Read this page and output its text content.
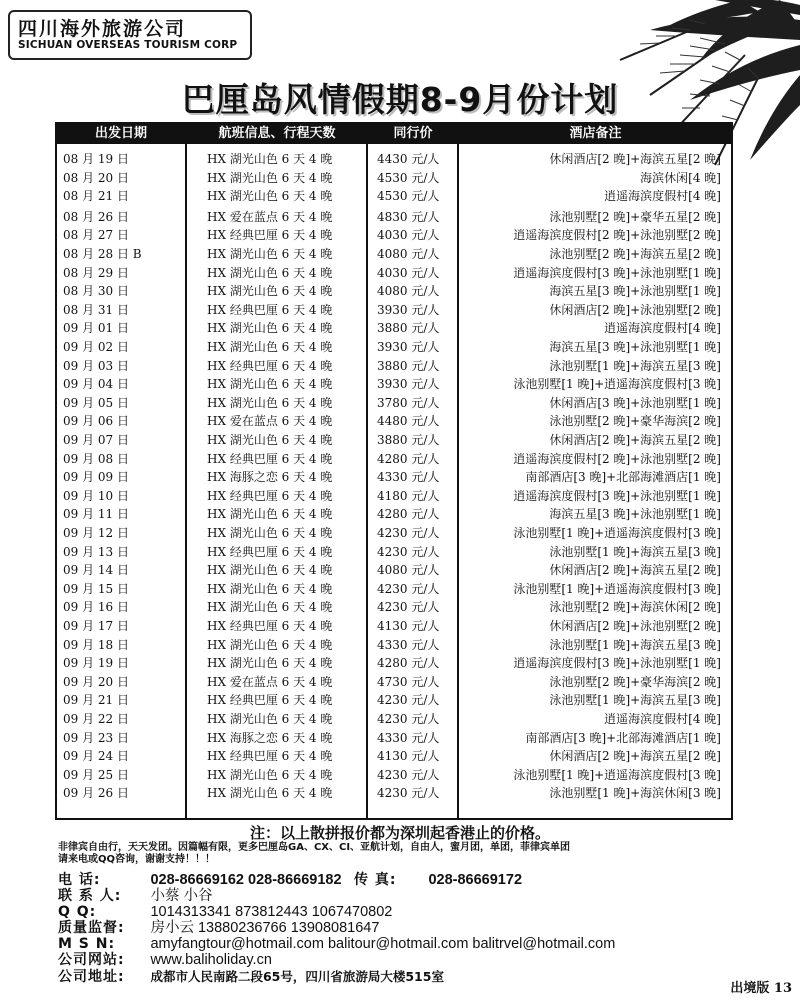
四川海外旅游公司
SICHUAN OVERSEAS TOURISM CORP
巴厘岛风情假期8-9月份计划
出发日期	航班信息、行程天数	同行价	酒店备注
08 月 19 日	HX 湖光山色 6 天 4 晚	4430 元/人	休闲酒店[2 晚]+海滨五星[2 晚]
08 月 20 日	HX 湖光山色 6 天 4 晚	4530 元/人	海滨休闲[4 晚]
08 月 21 日	HX 湖光山色 6 天 4 晚	4530 元/人	逍遥海滨度假村[4 晚]
08 月 26 日	HX 爱在蓝点 6 天 4 晚	4830 元/人	泳池别墅[2 晚]+豪华五星[2 晚]
08 月 27 日	HX 经典巴厘 6 天 4 晚	4030 元/人	逍遥海滨度假村[2 晚]+泳池别墅[2 晚]
08 月 28 日 B	HX 湖光山色 6 天 4 晚	4080 元/人	泳池别墅[2 晚]+海滨五星[2 晚]
08 月 29 日	HX 湖光山色 6 天 4 晚	4030 元/人	逍遥海滨度假村[3 晚]+泳池别墅[1 晚]
08 月 30 日	HX 湖光山色 6 天 4 晚	4080 元/人	海滨五星[3 晚]+泳池别墅[1 晚]
08 月 31 日	HX 经典巴厘 6 天 4 晚	3930 元/人	休闲酒店[2 晚]+泳池别墅[2 晚]
09 月 01 日	HX 湖光山色 6 天 4 晚	3880 元/人	逍遥海滨度假村[4 晚]
09 月 02 日	HX 湖光山色 6 天 4 晚	3930 元/人	海滨五星[3 晚]+泳池别墅[1 晚]
09 月 03 日	HX 经典巴厘 6 天 4 晚	3880 元/人	泳池别墅[1 晚]+海滨五星[3 晚]
09 月 04 日	HX 湖光山色 6 天 4 晚	3930 元/人	泳池别墅[1 晚]+逍遥海滨度假村[3 晚]
09 月 05 日	HX 湖光山色 6 天 4 晚	3780 元/人	休闲酒店[3 晚]+泳池别墅[1 晚]
09 月 06 日	HX 爱在蓝点 6 天 4 晚	4480 元/人	泳池别墅[2 晚]+豪华海滨[2 晚]
09 月 07 日	HX 湖光山色 6 天 4 晚	3880 元/人	休闲酒店[2 晚]+海滨五星[2 晚]
09 月 08 日	HX 经典巴厘 6 天 4 晚	4280 元/人	逍遥海滨度假村[2 晚]+泳池别墅[2 晚]
09 月 09 日	HX 海豚之恋 6 天 4 晚	4330 元/人	南部酒店[3 晚]+北部海滩酒店[1 晚]
09 月 10 日	HX 经典巴厘 6 天 4 晚	4180 元/人	逍遥海滨度假村[3 晚]+泳池别墅[1 晚]
09 月 11 日	HX 湖光山色 6 天 4 晚	4280 元/人	海滨五星[3 晚]+泳池别墅[1 晚]
09 月 12 日	HX 湖光山色 6 天 4 晚	4230 元/人	泳池别墅[1 晚]+逍遥海滨度假村[3 晚]
09 月 13 日	HX 经典巴厘 6 天 4 晚	4230 元/人	泳池别墅[1 晚]+海滨五星[3 晚]
09 月 14 日	HX 湖光山色 6 天 4 晚	4080 元/人	休闲酒店[2 晚]+海滨五星[2 晚]
09 月 15 日	HX 湖光山色 6 天 4 晚	4230 元/人	泳池别墅[1 晚]+逍遥海滨度假村[3 晚]
09 月 16 日	HX 湖光山色 6 天 4 晚	4230 元/人	泳池别墅[2 晚]+海滨休闲[2 晚]
09 月 17 日	HX 经典巴厘 6 天 4 晚	4130 元/人	休闲酒店[2 晚]+泳池别墅[2 晚]
09 月 18 日	HX 湖光山色 6 天 4 晚	4330 元/人	泳池别墅[1 晚]+海滨五星[3 晚]
09 月 19 日	HX 湖光山色 6 天 4 晚	4280 元/人	逍遥海滨度假村[3 晚]+泳池别墅[1 晚]
09 月 20 日	HX 爱在蓝点 6 天 4 晚	4730 元/人	泳池别墅[2 晚]+豪华海滨[2 晚]
09 月 21 日	HX 经典巴厘 6 天 4 晚	4230 元/人	泳池别墅[1 晚]+海滨五星[3 晚]
09 月 22 日	HX 湖光山色 6 天 4 晚	4230 元/人	逍遥海滨度假村[4 晚]
09 月 23 日	HX 海豚之恋 6 天 4 晚	4330 元/人	南部酒店[3 晚]+北部海滩酒店[1 晚]
09 月 24 日	HX 经典巴厘 6 天 4 晚	4130 元/人	休闲酒店[2 晚]+海滨五星[2 晚]
09 月 25 日	HX 湖光山色 6 天 4 晚	4230 元/人	泳池别墅[1 晚]+逍遥海滨度假村[3 晚]
09 月 26 日	HX 湖光山色 6 天 4 晚	4230 元/人	泳池别墅[1 晚]+海滨休闲[3 晚]
注：以上散拼报价都为深圳起香港止的价格。
非律宾自由行，天天发团。因篇幅有限，更多巴厘岛GA、CX、CI、亚航计划，自由人，蜜月团，单团，菲律宾单团
请来电或QQ咨询，谢谢支持！！！
电 话:	028-86669162 028-86669182 传 真: 028-86669172
联 系 人: 小蔡 小谷
Q Q:	1014313341 873812443 1067470802
质量监督: 房小云 13880236766 13908081647
M S N: amyfangtour@hotmail.com balitour@hotmail.com balitrvel@hotmail.com
公司网站: www.baliholiday.cn
公司地址: 成都市人民南路二段65号，四川省旅游局大楼515室
出境版 13
